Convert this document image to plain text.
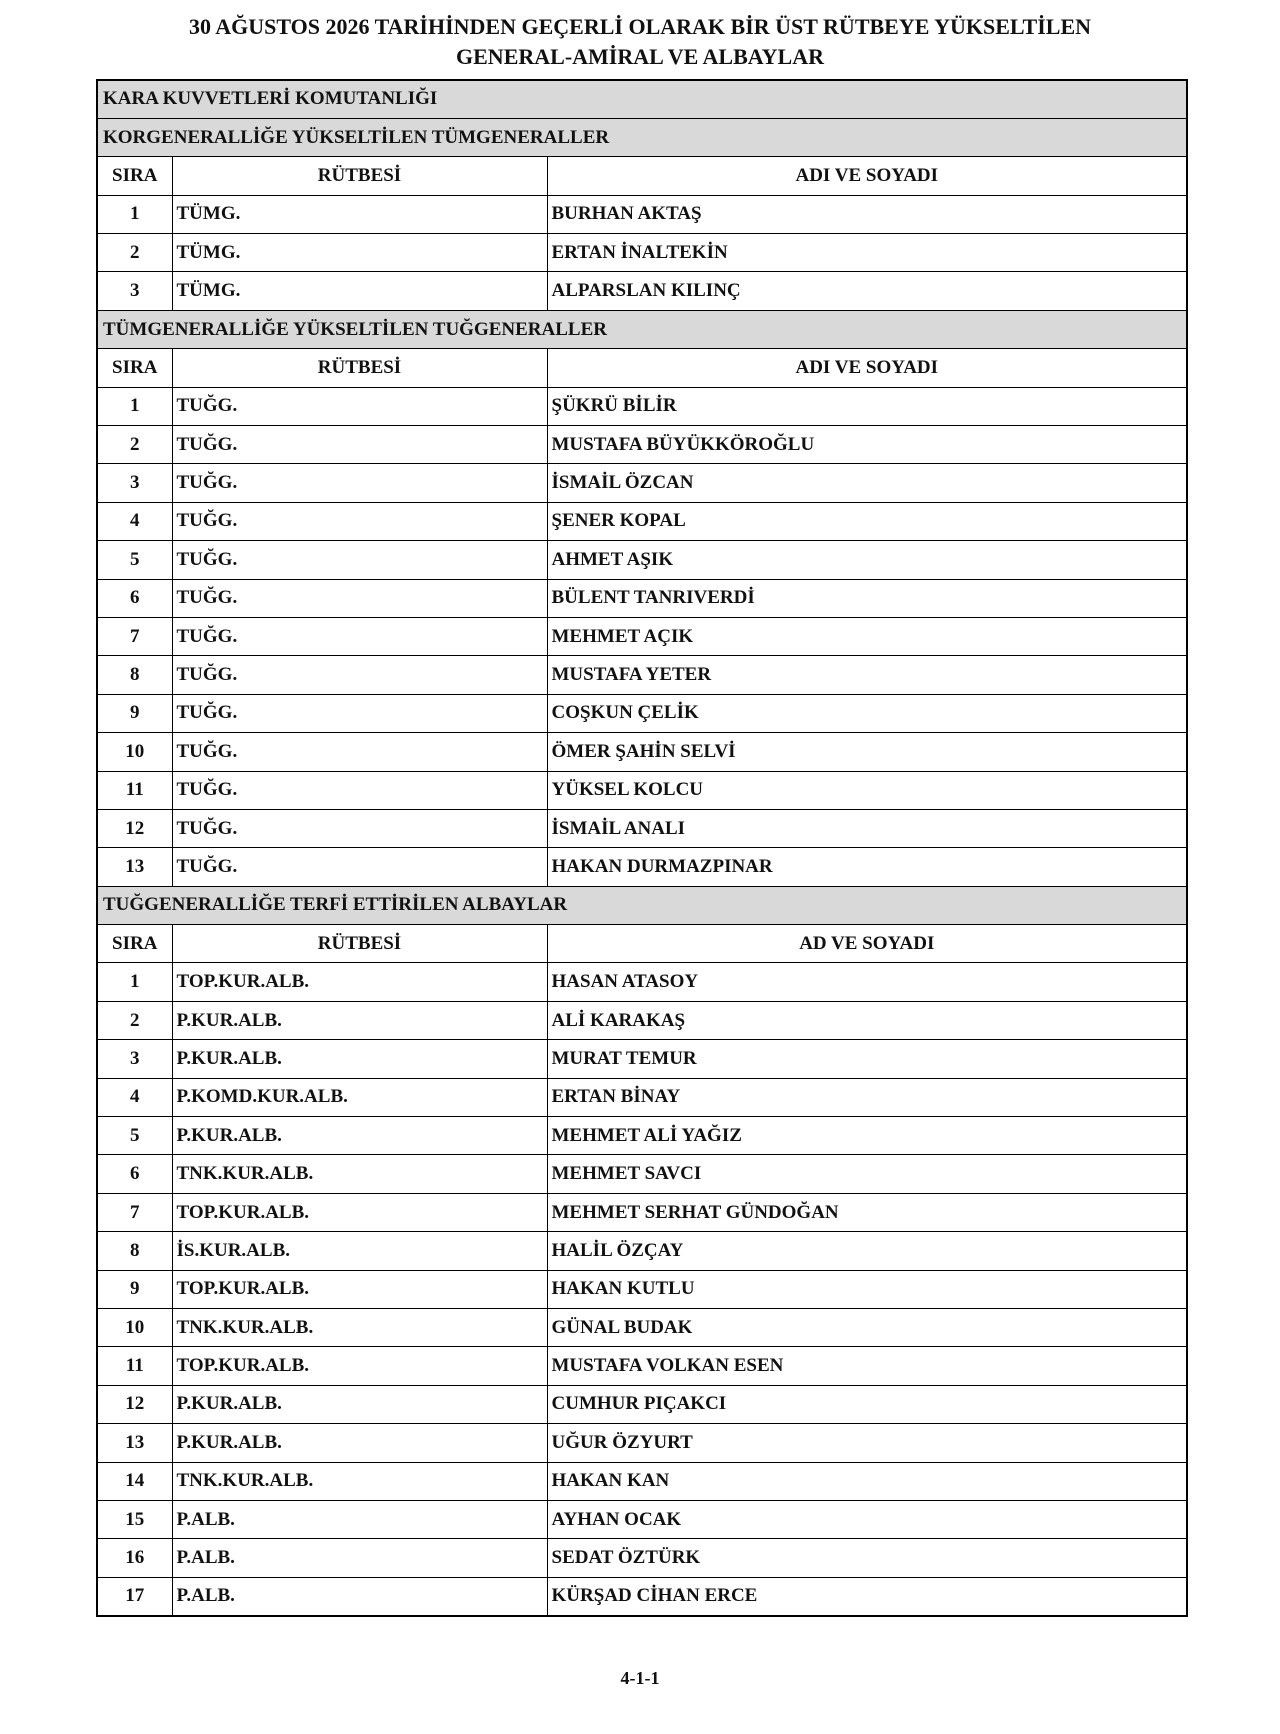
30 AĞUSTOS 2026 TARİHİNDEN GEÇERLİ OLARAK BİR ÜST RÜTBEYE YÜKSELTİLEN
GENERAL-AMİRAL VE ALBAYLAR
KARA KUVVETLERİ KOMUTANLIĞI		
KORGENERALLİĞE YÜKSELTİLEN TÜMGENERALLER		
SIRA	RÜTBESİ	ADI VE SOYADI
1	TÜMG.	BURHAN AKTAŞ
2	TÜMG.	ERTAN İNALTEKİN
3	TÜMG.	ALPARSLAN KILINÇ
TÜMGENERALLİĞE YÜKSELTİLEN TUĞGENERALLER		
SIRA	RÜTBESİ	ADI VE SOYADI
1	TUĞG.	ŞÜKRÜ BİLİR
2	TUĞG.	MUSTAFA BÜYÜKKÖROĞLU
3	TUĞG.	İSMAİL ÖZCAN
4	TUĞG.	ŞENER KOPAL
5	TUĞG.	AHMET AŞIK
6	TUĞG.	BÜLENT TANRIVERDİ
7	TUĞG.	MEHMET AÇIK
8	TUĞG.	MUSTAFA YETER
9	TUĞG.	COŞKUN ÇELİK
10	TUĞG.	ÖMER ŞAHİN SELVİ
11	TUĞG.	YÜKSEL KOLCU
12	TUĞG.	İSMAİL ANALI
13	TUĞG.	HAKAN DURMAZPINAR
TUĞGENERALLİĞE TERFİ ETTİRİLEN ALBAYLAR		
SIRA	RÜTBESİ	AD VE SOYADI
1	TOP.KUR.ALB.	HASAN ATASOY
2	P.KUR.ALB.	ALİ KARAKAŞ
3	P.KUR.ALB.	MURAT TEMUR
4	P.KOMD.KUR.ALB.	ERTAN BİNAY
5	P.KUR.ALB.	MEHMET ALİ YAĞIZ
6	TNK.KUR.ALB.	MEHMET SAVCI
7	TOP.KUR.ALB.	MEHMET SERHAT GÜNDOĞAN
8	İS.KUR.ALB.	HALİL ÖZÇAY
9	TOP.KUR.ALB.	HAKAN KUTLU
10	TNK.KUR.ALB.	GÜNAL BUDAK
11	TOP.KUR.ALB.	MUSTAFA VOLKAN ESEN
12	P.KUR.ALB.	CUMHUR PIÇAKCI
13	P.KUR.ALB.	UĞUR ÖZYURT
14	TNK.KUR.ALB.	HAKAN KAN
15	P.ALB.	AYHAN OCAK
16	P.ALB.	SEDAT ÖZTÜRK
17	P.ALB.	KÜRŞAD CİHAN ERCE
4-1-1
